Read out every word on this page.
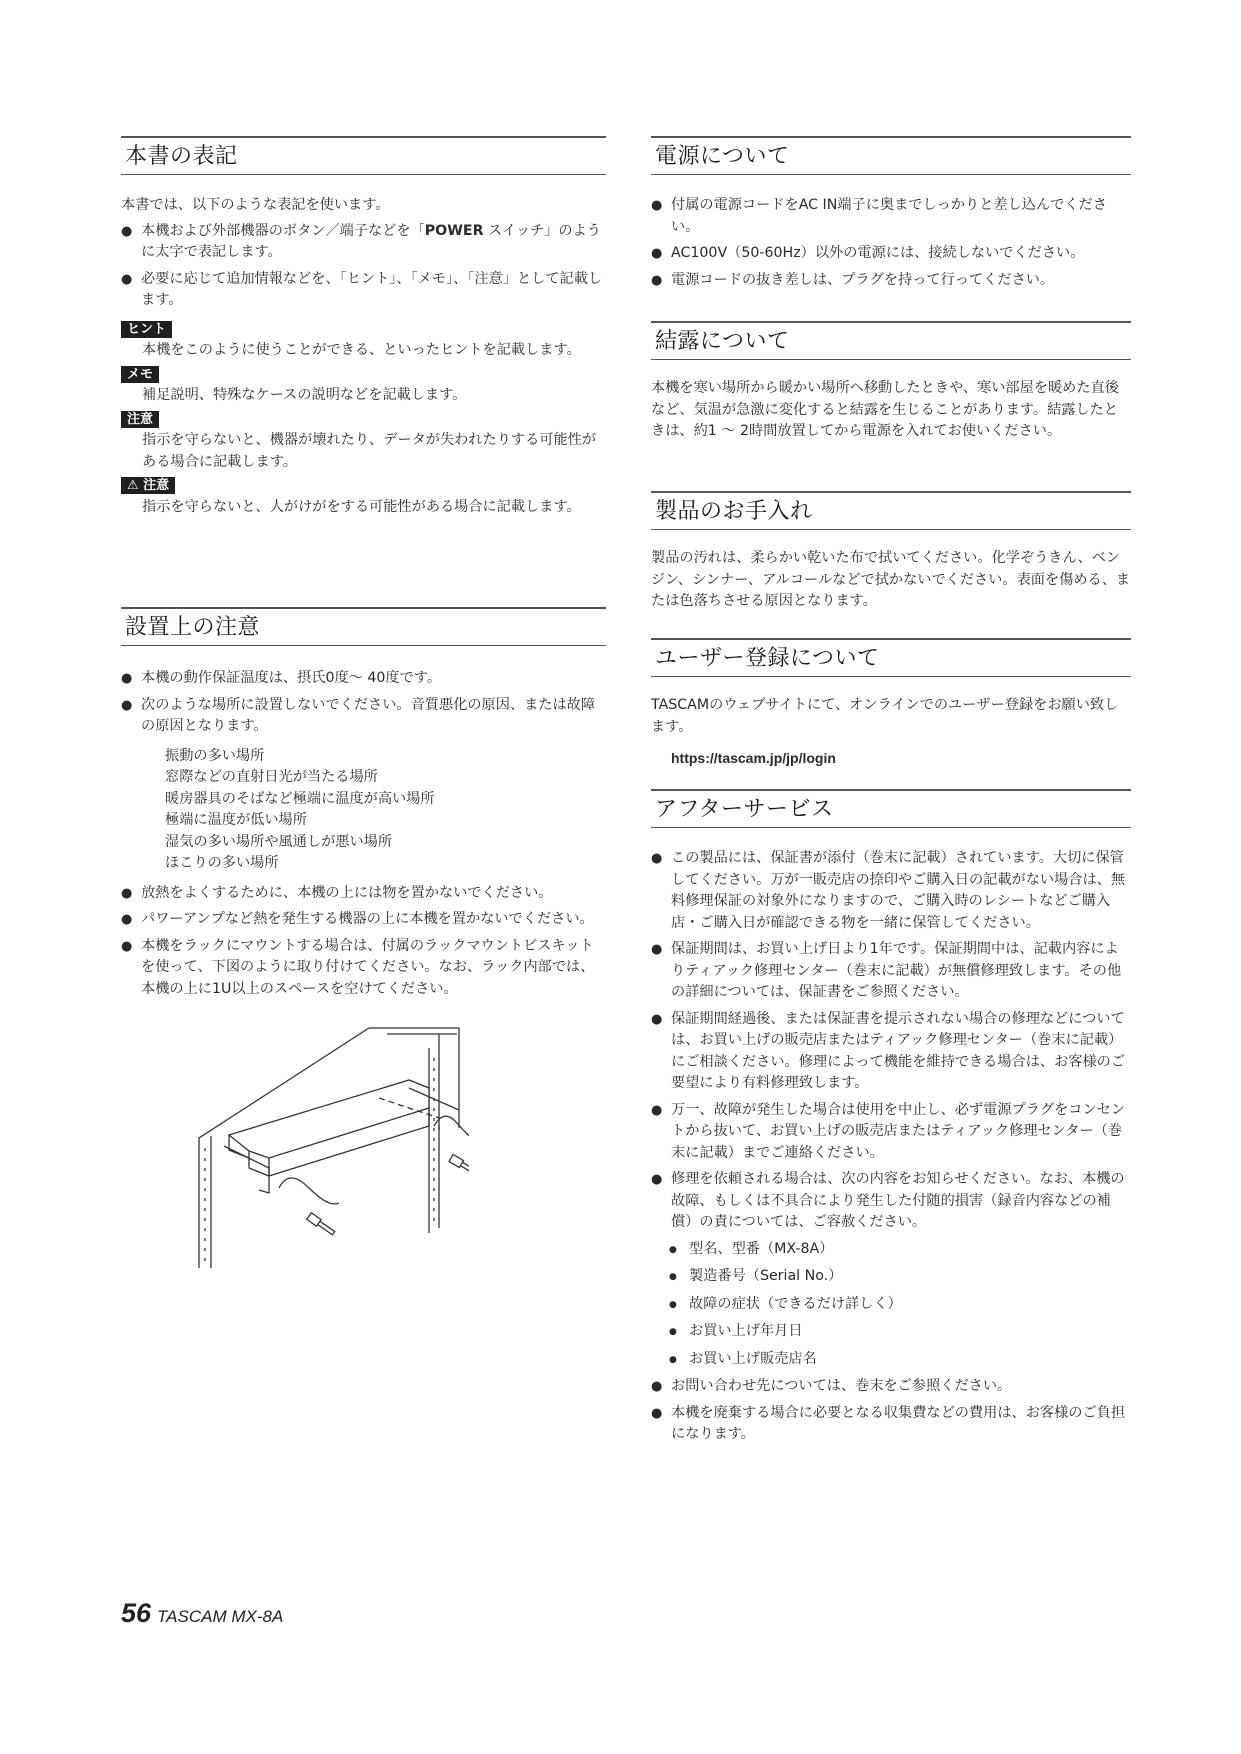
本書の表記

本書では、以下のような表記を使います。

● 本機および外部機器のボタン／端子などを「POWER スイッチ」のように太字で表記します。
● 必要に応じて追加情報などを、「ヒント」、「メモ」、「注意」として記載します。
ヒント

本機をこのように使うことができる、といったヒントを記載します。

メモ

補足説明、特殊なケースの説明などを記載します。

注意

指示を守らないと、機器が壊れたり、データが失われたりする可能性がある場合に記載します。

⚠ 注意

指示を守らないと、人がけがをする可能性がある場合に記載します。

設置上の注意
● 本機の動作保証温度は、摂氏0度～ 40度です。
● 次のような場所に設置しないでください。音質悪化の原因、または故障の原因となります。
振動の多い場所
窓際などの直射日光が当たる場所
暖房器具のそばなど極端に温度が高い場所
極端に温度が低い場所
湿気の多い場所や風通しが悪い場所
ほこりの多い場所
● 放熱をよくするために、本機の上には物を置かないでください。
● パワーアンプなど熱を発生する機器の上に本機を置かないでください。
● 本機をラックにマウントする場合は、付属のラックマウントビスキットを使って、下図のように取り付けてください。なお、ラック内部では、本機の上に1U以上のスペースを空けてください。
電源について
● 付属の電源コードをAC IN端子に奥までしっかりと差し込んでください。
● AC100V（50-60Hz）以外の電源には、接続しないでください。
● 電源コードの抜き差しは、プラグを持って行ってください。
結露について

本機を寒い場所から暖かい場所へ移動したときや、寒い部屋を暖めた直後など、気温が急激に変化すると結露を生じることがあります。結露したときは、約1 ～ 2時間放置してから電源を入れてお使いください。

製品のお手入れ

製品の汚れは、柔らかい乾いた布で拭いてください。化学ぞうきん、ベンジン、シンナー、アルコールなどで拭かないでください。表面を傷める、または色落ちさせる原因となります。

ユーザー登録について

TASCAMのウェブサイトにて、オンラインでのユーザー登録をお願い致します。

https://tascam.jp/jp/login
アフターサービス
● この製品には、保証書が添付（巻末に記載）されています。大切に保管してください。万が一販売店の捺印やご購入日の記載がない場合は、無料修理保証の対象外になりますので、ご購入時のレシートなどご購入店・ご購入日が確認できる物を一緒に保管してください。
● 保証期間は、お買い上げ日より1年です。保証期間中は、記載内容によりティアック修理センター（巻末に記載）が無償修理致します。その他の詳細については、保証書をご参照ください。
● 保証期間経過後、または保証書を提示されない場合の修理などについては、お買い上げの販売店またはティアック修理センター（巻末に記載）にご相談ください。修理によって機能を維持できる場合は、お客様のご要望により有料修理致します。
● 万一、故障が発生した場合は使用を中止し、必ず電源プラグをコンセントから抜いて、お買い上げの販売店またはティアック修理センター（巻末に記載）までご連絡ください。
● 修理を依頼される場合は、次の内容をお知らせください。なお、本機の故障、もしくは不具合により発生した付随的損害（録音内容などの補償）の責については、ご容赦ください。
● 型名、型番（MX-8A）
● 製造番号（Serial No.）
● 故障の症状（できるだけ詳しく）
● お買い上げ年月日
● お買い上げ販売店名
● お問い合わせ先については、巻末をご参照ください。
● 本機を廃棄する場合に必要となる収集費などの費用は、お客様のご負担になります。
56 TASCAM MX-8A
